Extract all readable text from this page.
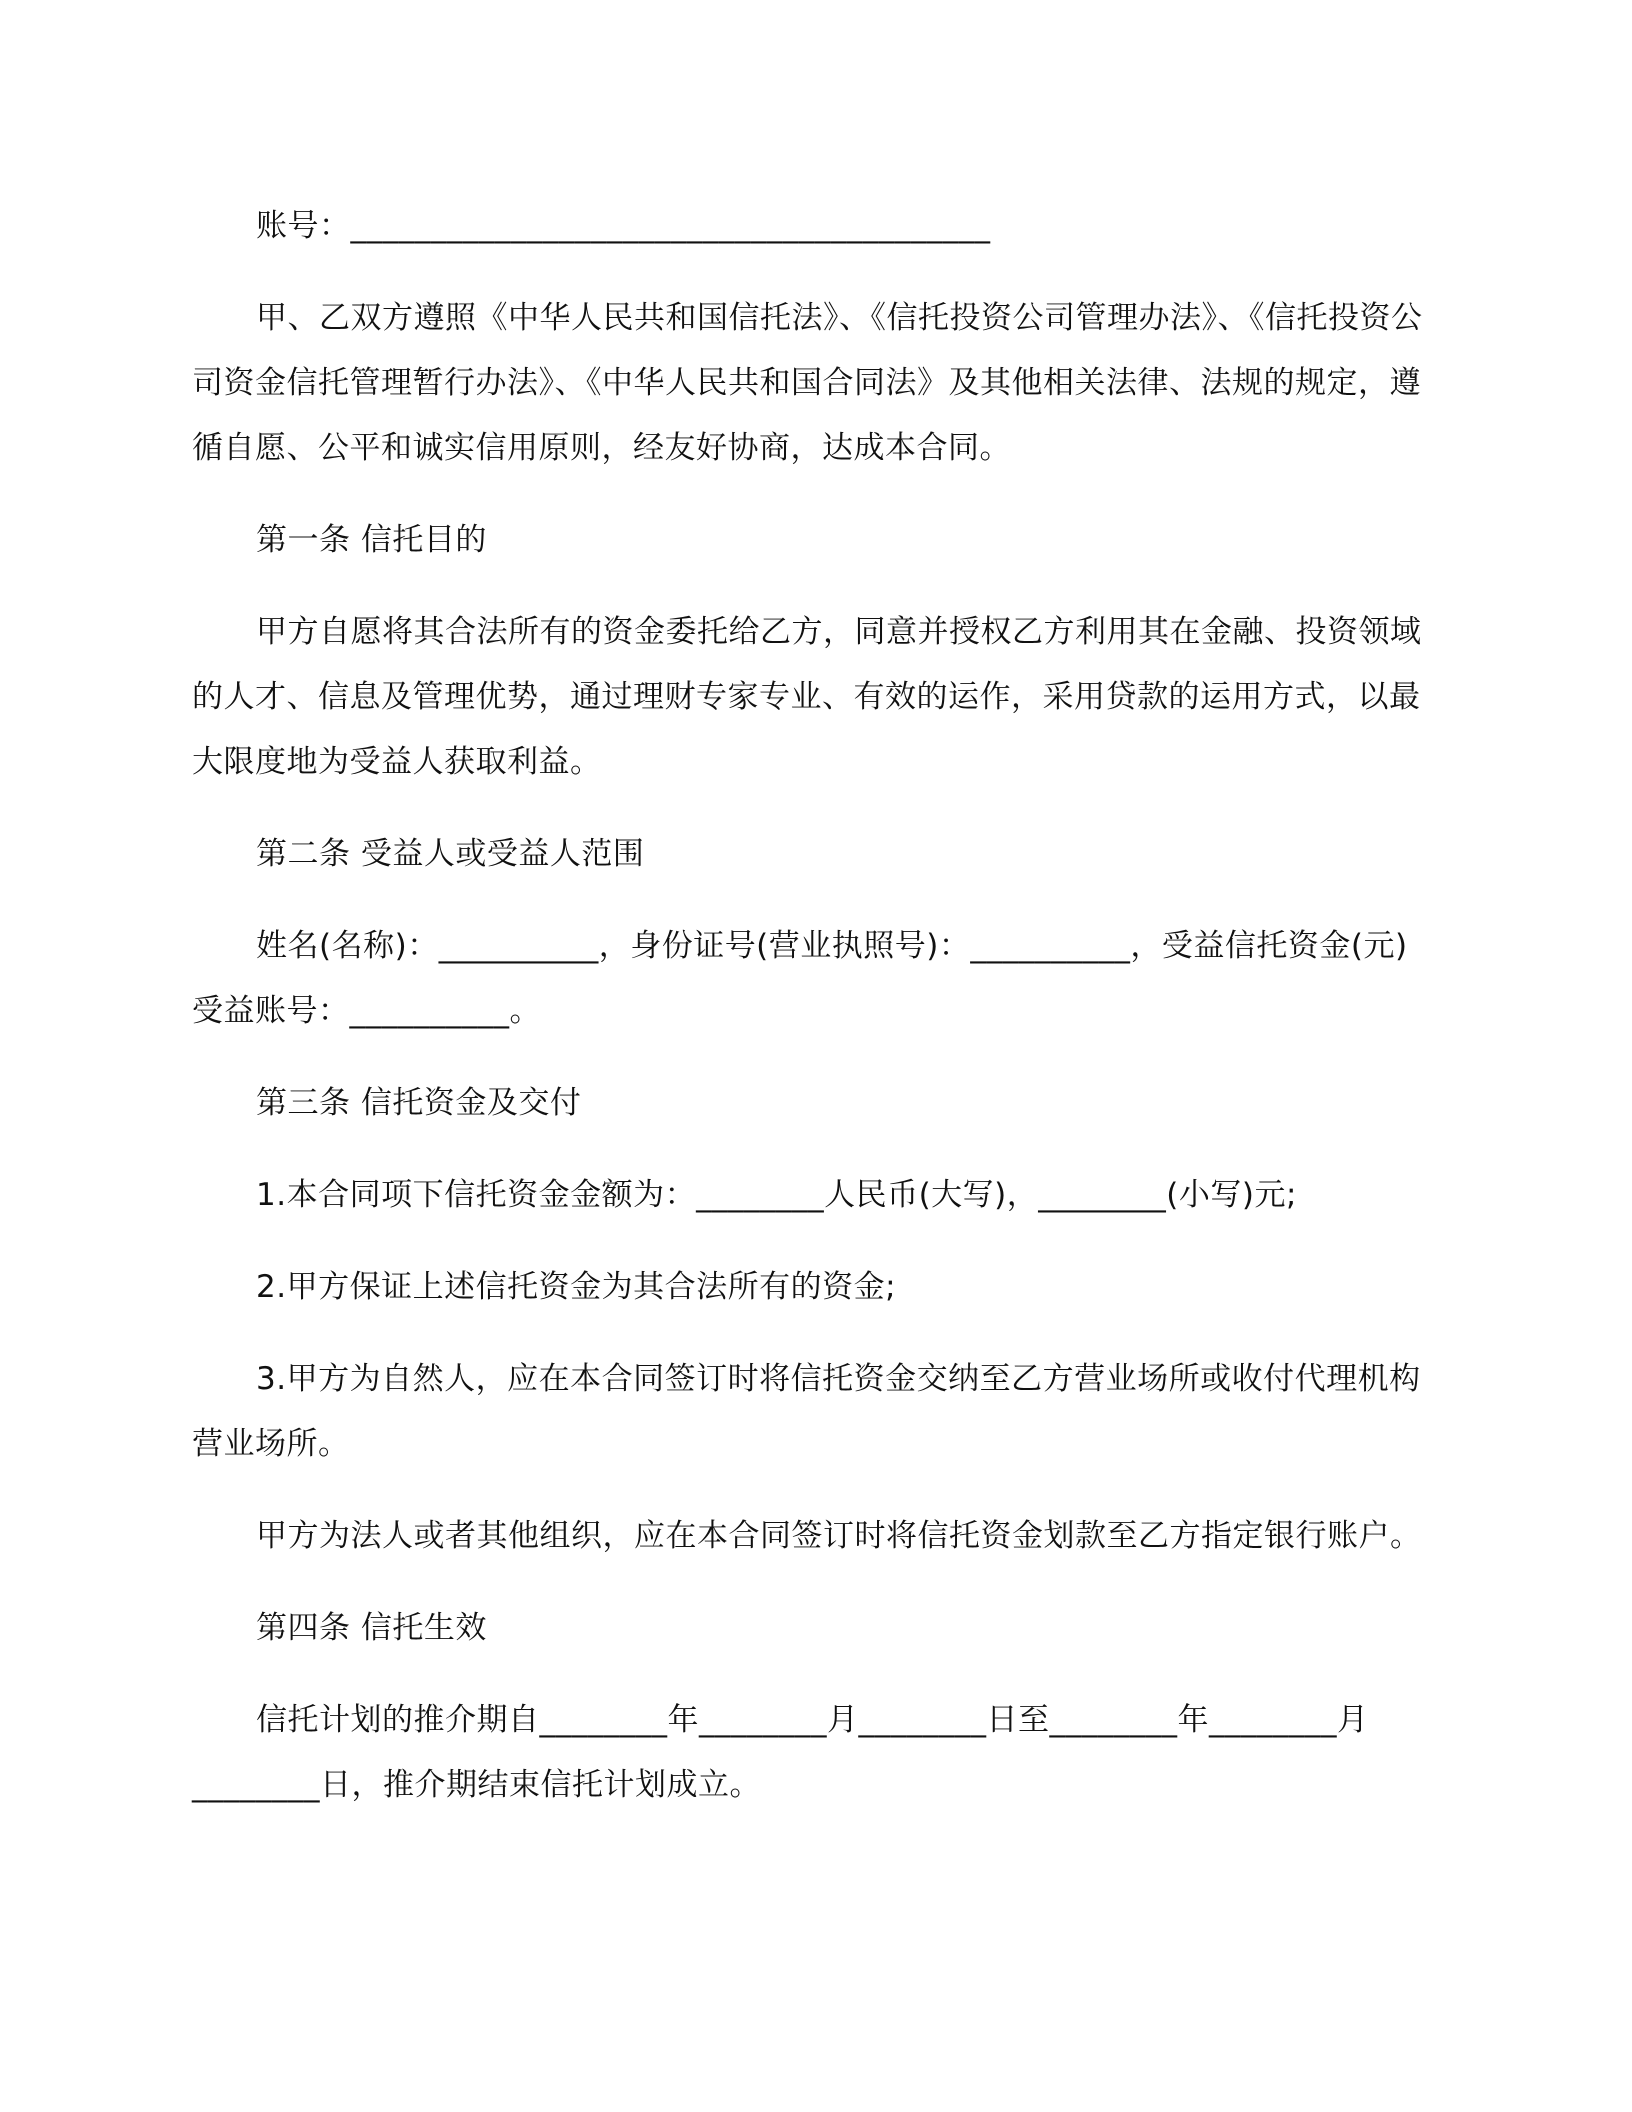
账号：________________________________________

甲、乙双方遵照《中华人民共和国信托法》、《信托投资公司管理办法》、《信托投资公司资金信托管理暂行办法》、《中华人民共和国合同法》及其他相关法律、法规的规定，遵循自愿、公平和诚实信用原则，经友好协商，达成本合同。

第一条 信托目的

甲方自愿将其合法所有的资金委托给乙方，同意并授权乙方利用其在金融、投资领域的人才、信息及管理优势，通过理财专家专业、有效的运作，采用贷款的运用方式，以最大限度地为受益人获取利益。

第二条 受益人或受益人范围

姓名(名称)：__________，身份证号(营业执照号)：__________，受益信托资金(元)受益账号：__________。

第三条 信托资金及交付

1.本合同项下信托资金金额为：________人民币(大写)，________(小写)元;

2.甲方保证上述信托资金为其合法所有的资金;

3.甲方为自然人，应在本合同签订时将信托资金交纳至乙方营业场所或收付代理机构营业场所。

甲方为法人或者其他组织，应在本合同签订时将信托资金划款至乙方指定银行账户。

第四条 信托生效

信托计划的推介期自________年________月________日至________年________月________日，推介期结束信托计划成立。
